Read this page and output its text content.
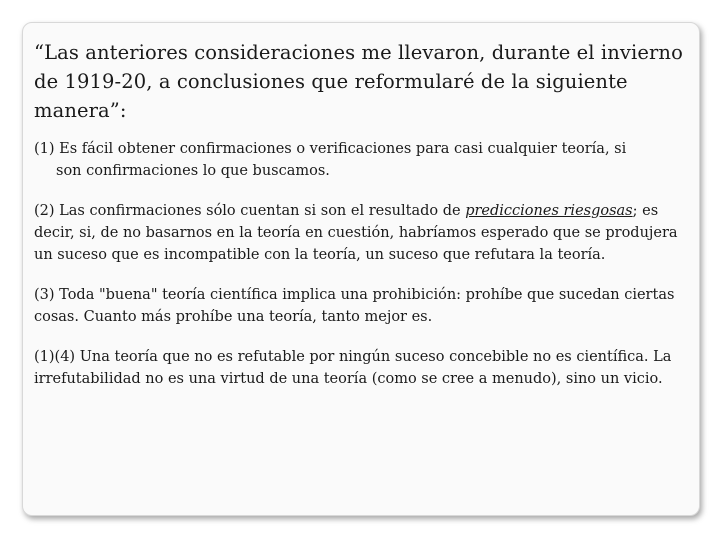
“Las anteriores consideraciones me llevaron, durante el invierno de 1919-20, a conclusiones que reformularé de la siguiente manera”:

(1) Es fácil obtener confirmaciones o verificaciones para casi cualquier teoría, si
son confirmaciones lo que buscamos.

(2) Las confirmaciones sólo cuentan si son el resultado de predicciones riesgosas; es decir, si, de no basarnos en la teoría en cuestión, habríamos esperado que se produjera un suceso que es incompatible con la teoría, un suceso que refutara la teoría.

(3) Toda "buena" teoría científica implica una prohibición: prohíbe que sucedan ciertas cosas. Cuanto más prohíbe una teoría, tanto mejor es.

(1)(4) Una teoría que no es refutable por ningún suceso concebible no es científica. La irrefutabilidad no es una virtud de una teoría (como se cree a menudo), sino un vicio.
